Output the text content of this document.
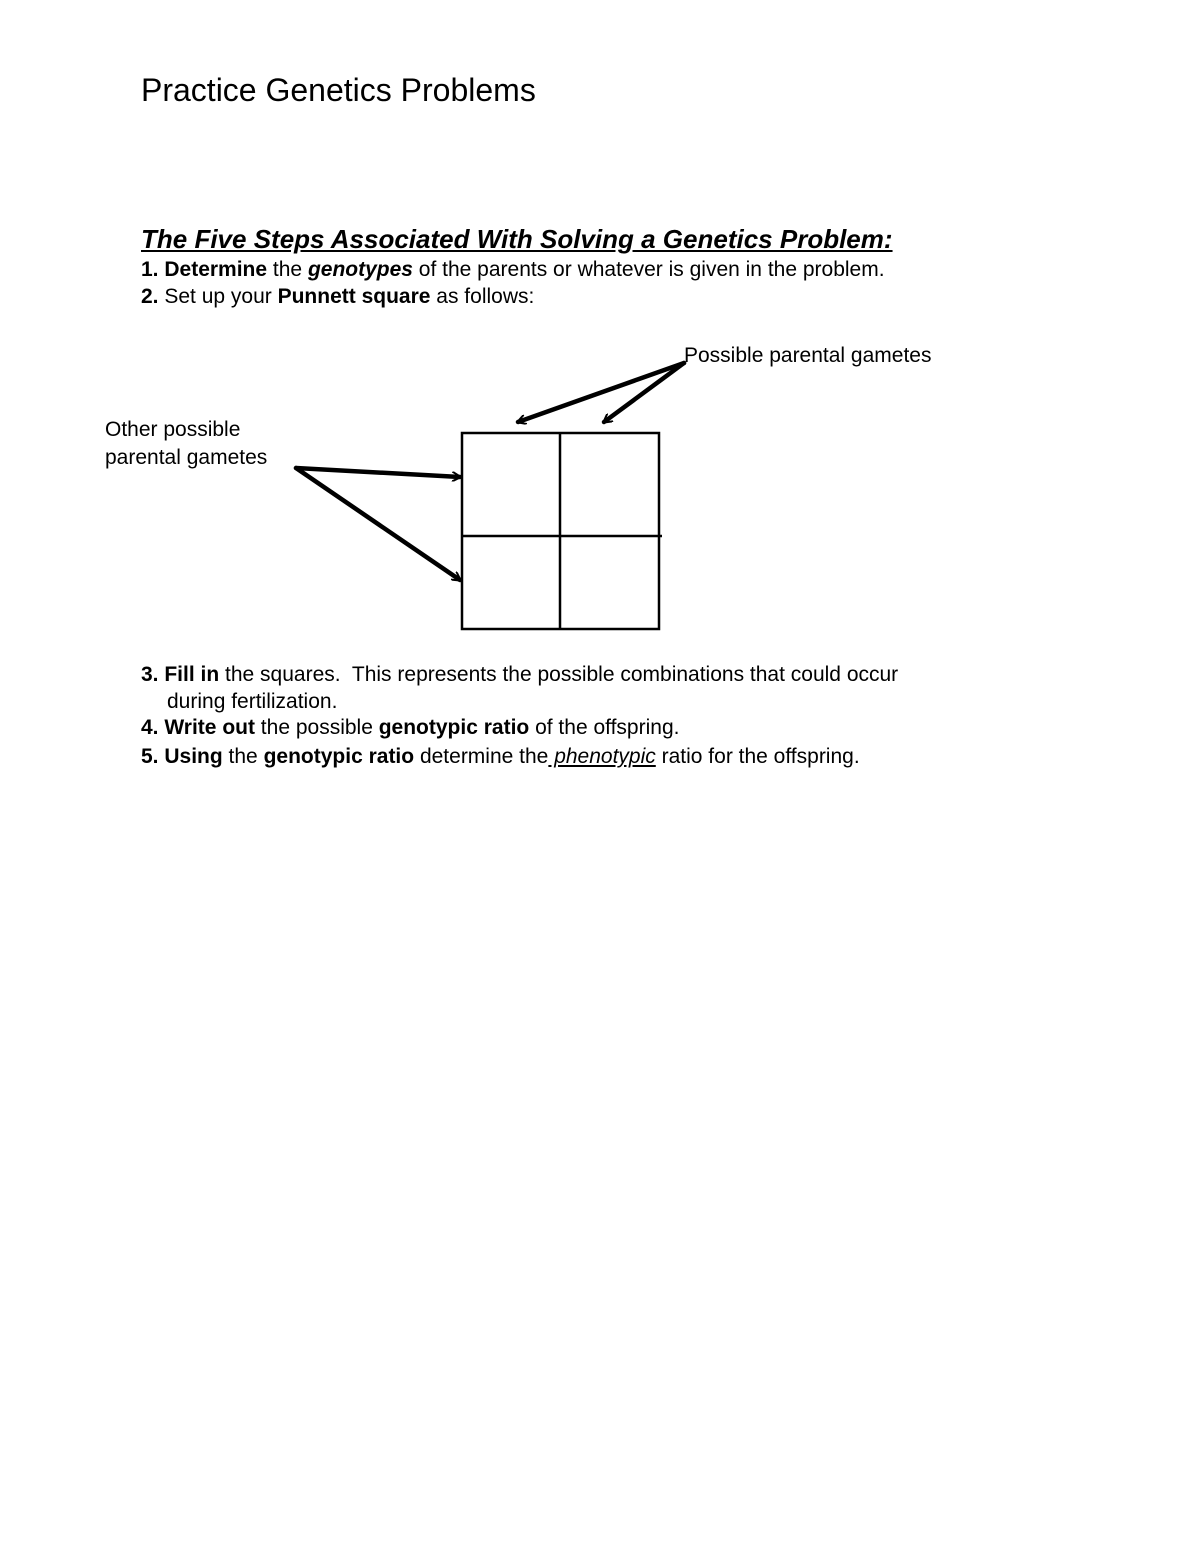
Practice Genetics Problems
The Five Steps Associated With Solving a Genetics Problem:
1. Determine the genotypes of the parents or whatever is given in the problem.
2. Set up your Punnett square as follows:
Possible parental gametes
Other possible
parental gametes
3. Fill in the squares.  This represents the possible combinations that could occur
during fertilization.
4. Write out the possible genotypic ratio of the offspring.
5. Using the genotypic ratio determine the phenotypic ratio for the offspring.
